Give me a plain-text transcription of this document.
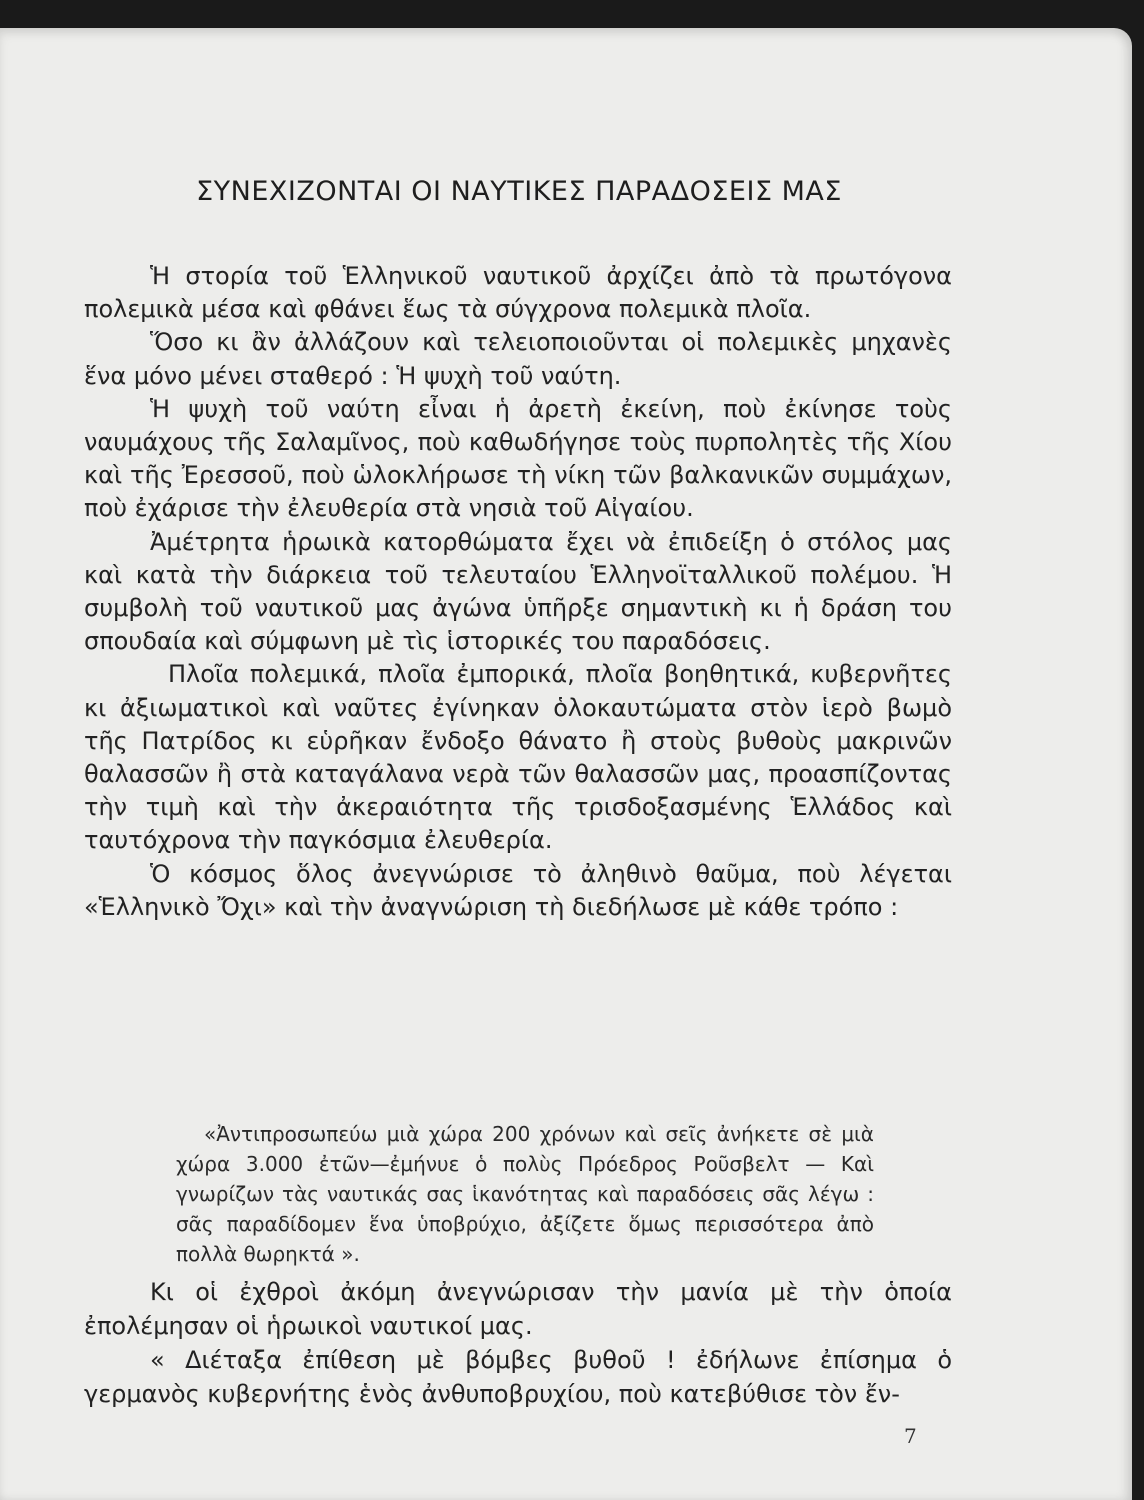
ΣΥΝΕΧΙΖΟΝΤΑΙ ΟΙ ΝΑΥΤΙΚΕΣ ΠΑΡΑΔΟΣΕΙΣ ΜΑΣ

Ἡ στορία τοῦ Ἑλληνικοῦ ναυτικοῦ ἀρχίζει ἀπὸ τὰ πρωτόγονα πολεμικὰ μέσα καὶ φθάνει ἕως τὰ σύγχρονα πολεμικὰ πλοῖα.

Ὅσο κι ἂν ἀλλάζουν καὶ τελειοποιοῦνται οἱ πολεμικὲς μηχανὲς ἕνα μόνο μένει σταθερό : Ἡ ψυχὴ τοῦ ναύτη.

Ἡ ψυχὴ τοῦ ναύτη εἶναι ἡ ἀρετὴ ἐκείνη, ποὺ ἐκίνησε τοὺς ναυμάχους τῆς Σαλαμῖνος, ποὺ καθωδήγησε τοὺς πυρπολητὲς τῆς Χίου καὶ τῆς Ἐρεσσοῦ, ποὺ ὡλοκλήρωσε τὴ νίκη τῶν βαλκανικῶν συμμάχων, ποὺ ἐχάρισε τὴν ἐλευθερία στὰ νησιὰ τοῦ Αἰγαίου.

Ἀμέτρητα ἡρωικὰ κατορθώματα ἔχει νὰ ἐπιδείξη ὁ στόλος μας καὶ κατὰ τὴν διάρκεια τοῦ τελευταίου Ἑλληνοϊταλλικοῦ πολέμου. Ἡ συμβολὴ τοῦ ναυτικοῦ μας ἀγώνα ὑπῆρξε σημαντικὴ κι ἡ δράση του σπουδαία καὶ σύμφωνη μὲ τὶς ἱστορικές του παραδόσεις.

Πλοῖα πολεμικά, πλοῖα ἐμπορικά, πλοῖα βοηθητικά, κυβερνῆτες κι ἀξιωματικοὶ καὶ ναῦτες ἐγίνηκαν ὁλοκαυτώματα στὸν ἱερὸ βωμὸ τῆς Πατρίδος κι εὑρῆκαν ἔνδοξο θάνατο ἢ στοὺς βυθοὺς μακρινῶν θαλασσῶν ἢ στὰ καταγάλανα νερὰ τῶν θαλασσῶν μας, προασπίζοντας τὴν τιμὴ καὶ τὴν ἀκεραιότητα τῆς τρισδοξασμένης Ἑλλάδος καὶ ταυτόχρονα τὴν παγκόσμια ἐλευθερία.

Ὁ κόσμος ὅλος ἀνεγνώρισε τὸ ἀληθινὸ θαῦμα, ποὺ λέγεται «Ἑλληνικὸ Ὄχι» καὶ τὴν ἀναγνώριση τὴ διεδήλωσε μὲ κάθε τρόπο :

«Ἀντιπροσωπεύω μιὰ χώρα 200 χρόνων καὶ σεῖς ἀνήκετε σὲ μιὰ χώρα 3.000 ἐτῶν—ἐμήνυε ὁ πολὺς Πρόεδρος Ροῦσβελτ — Καὶ γνωρίζων τὰς ναυτικάς σας ἱκανότητας καὶ παραδόσεις σᾶς λέγω : σᾶς παραδίδομεν ἕνα ὑποβρύχιο, ἀξίζετε ὅμως περισσότερα ἀπὸ πολλὰ θωρηκτά ».

Κι οἱ ἐχθροὶ ἀκόμη ἀνεγνώρισαν τὴν μανία μὲ τὴν ὁποία ἐπολέμησαν οἱ ἡρωικοὶ ναυτικοί μας.

« Διέταξα ἐπίθεση μὲ βόμβες βυθοῦ ! ἐδήλωνε ἐπίσημα ὁ γερμανὸς κυβερνήτης ἑνὸς ἀνθυποβρυχίου, ποὺ κατεβύθισε τὸν ἔν-

7
